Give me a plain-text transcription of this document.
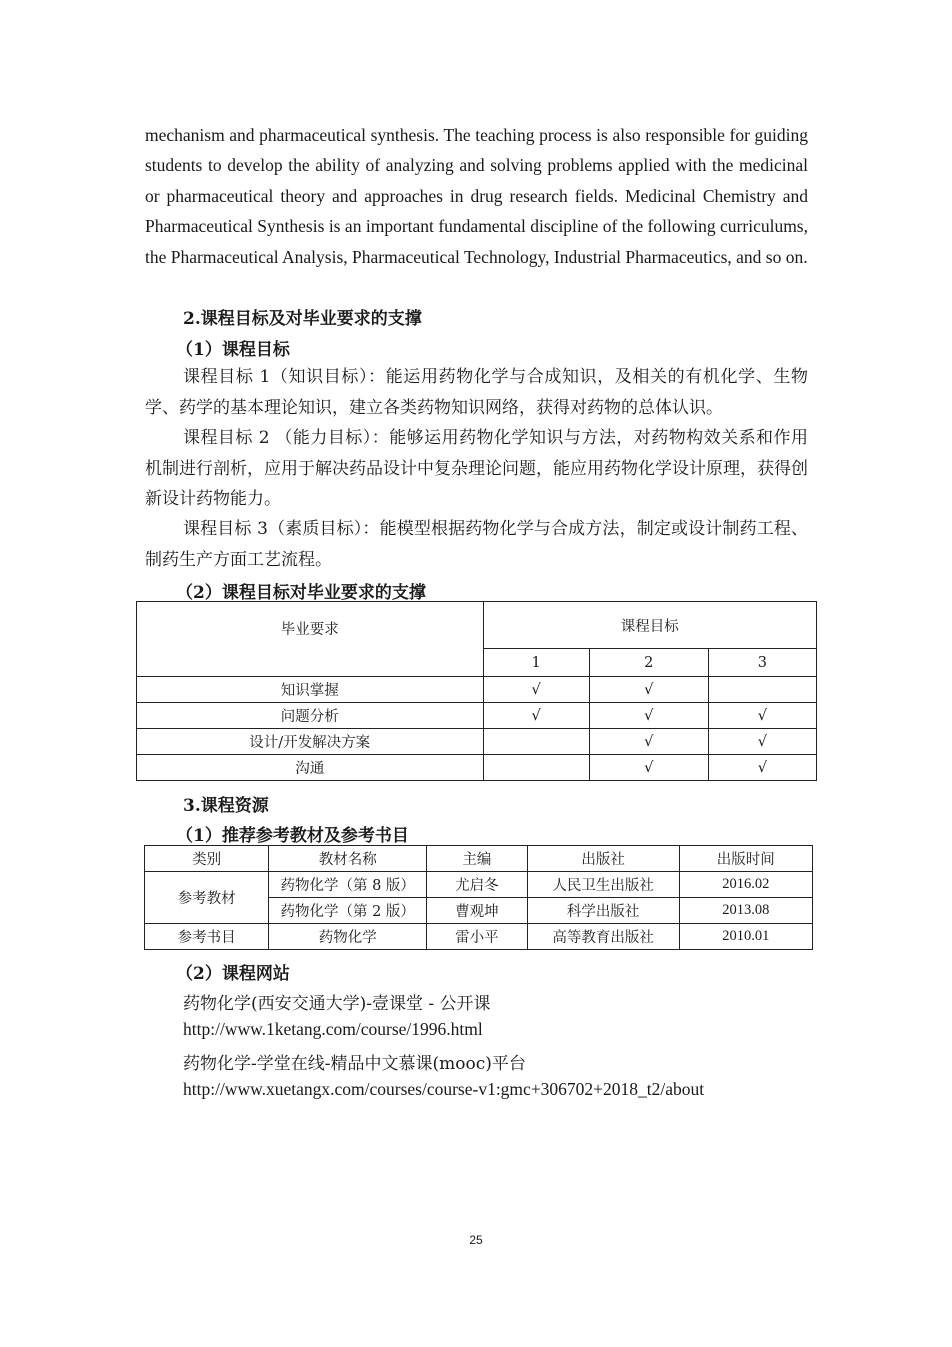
mechanism and pharmaceutical synthesis. The teaching process is also responsible for guiding students to develop the ability of analyzing and solving problems applied with the medicinal or pharmaceutical theory and approaches in drug research fields. Medicinal Chemistry and Pharmaceutical Synthesis is an important fundamental discipline of the following curriculums, the Pharmaceutical Analysis, Pharmaceutical Technology, Industrial Pharmaceutics, and so on.

2.课程目标及对毕业要求的支撑

（1）课程目标

课程目标 1（知识目标）：能运用药物化学与合成知识，及相关的有机化学、生物学、药学的基本理论知识，建立各类药物知识网络，获得对药物的总体认识。

课程目标 2 （能力目标）：能够运用药物化学知识与方法，对药物构效关系和作用机制进行剖析，应用于解决药品设计中复杂理论问题，能应用药物化学设计原理，获得创新设计药物能力。

课程目标 3（素质目标）：能模型根据药物化学与合成方法，制定或设计制药工程、制药生产方面工艺流程。

（2）课程目标对毕业要求的支撑

毕业要求	课程目标		
	1	2	3
知识掌握	√	√	
问题分析	√	√	√
设计/开发解决方案		√	√
沟通		√	√

3.课程资源

（1）推荐参考教材及参考书目

类别	教材名称	主编	出版社	出版时间
参考教材	药物化学（第 8 版）	尤启冬	人民卫生出版社	2016.02
	药物化学（第 2 版）	曹观坤	科学出版社	2013.08
参考书目	药物化学	雷小平	高等教育出版社	2010.01

（2）课程网站

药物化学(西安交通大学)-壹课堂 - 公开课

http://www.1ketang.com/course/1996.html

药物化学-学堂在线-精品中文慕课(mooc)平台

http://www.xuetangx.com/courses/course-v1:gmc+306702+2018_t2/about

25
